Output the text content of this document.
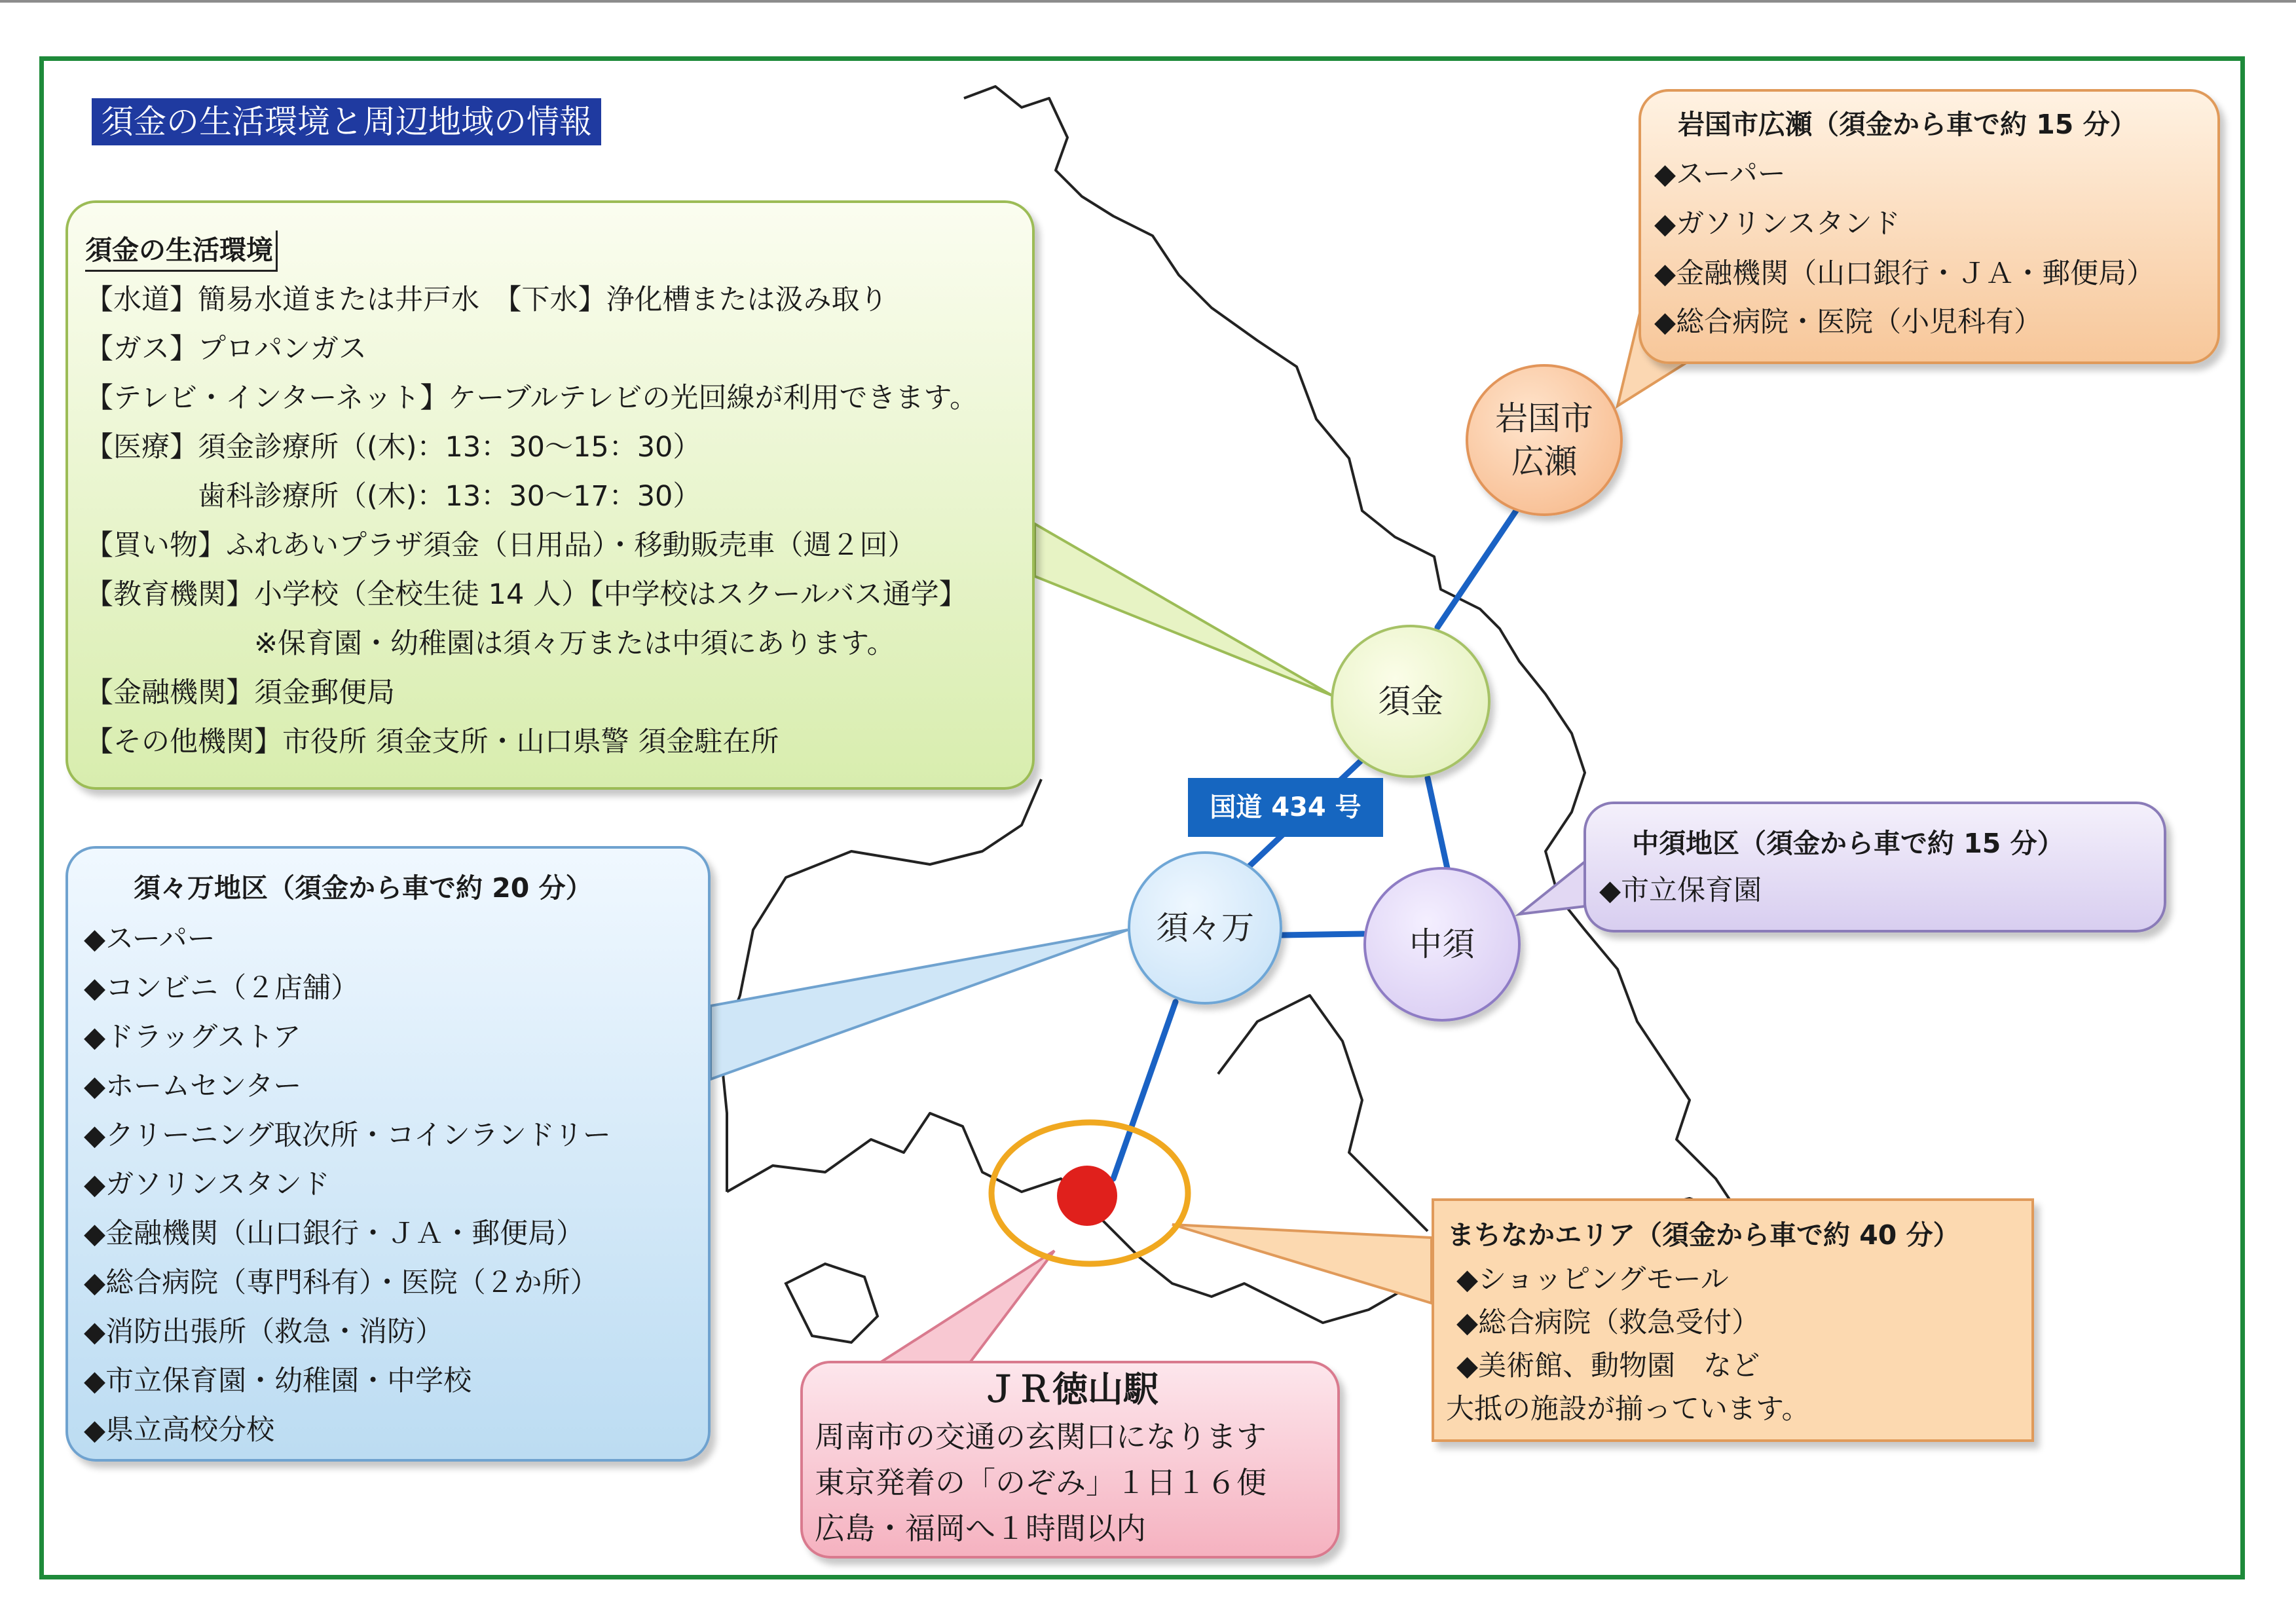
須金の生活環境と周辺地域の情報
須金の生活環境
【水道】簡易水道または井戸水　【下水】浄化槽または汲み取り
【ガス】プロパンガス
【テレビ・インターネット】ケーブルテレビの光回線が利用できます。
【医療】須金診療所（(木)：13：30～15：30）
　　　　歯科診療所（(木)：13：30～17：30）
【買い物】ふれあいプラザ須金（日用品）・移動販売車（週２回）
【教育機関】小学校（全校生徒 14 人）【中学校はスクールバス通学】
　　　　　　※保育園・幼稚園は須々万または中須にあります。
【金融機関】須金郵便局
【その他機関】市役所 須金支所・山口県警 須金駐在所
岩国市広瀬（須金から車で約 15 分）
◆スーパー
◆ガソリンスタンド
◆金融機関（山口銀行・ＪＡ・郵便局）
◆総合病院・医院（小児科有）
須々万地区（須金から車で約 20 分）
◆スーパー
◆コンビニ（２店舗）
◆ドラッグストア
◆ホームセンター
◆クリーニング取次所・コインランドリー
◆ガソリンスタンド
◆金融機関（山口銀行・ＪＡ・郵便局）
◆総合病院（専門科有）・医院（２か所）
◆消防出張所（救急・消防）
◆市立保育園・幼稚園・中学校
◆県立高校分校
中須地区（須金から車で約 15 分）
◆市立保育園
まちなかエリア（須金から車で約 40 分）
◆ショッピングモール
◆総合病院（救急受付）
◆美術館、動物園　など
大抵の施設が揃っています。
ＪＲ徳山駅
周南市の交通の玄関口になります
東京発着の「のぞみ」１日１６便
広島・福岡へ１時間以内
岩国市
広瀬
須金
須々万	中須
国道 434 号
